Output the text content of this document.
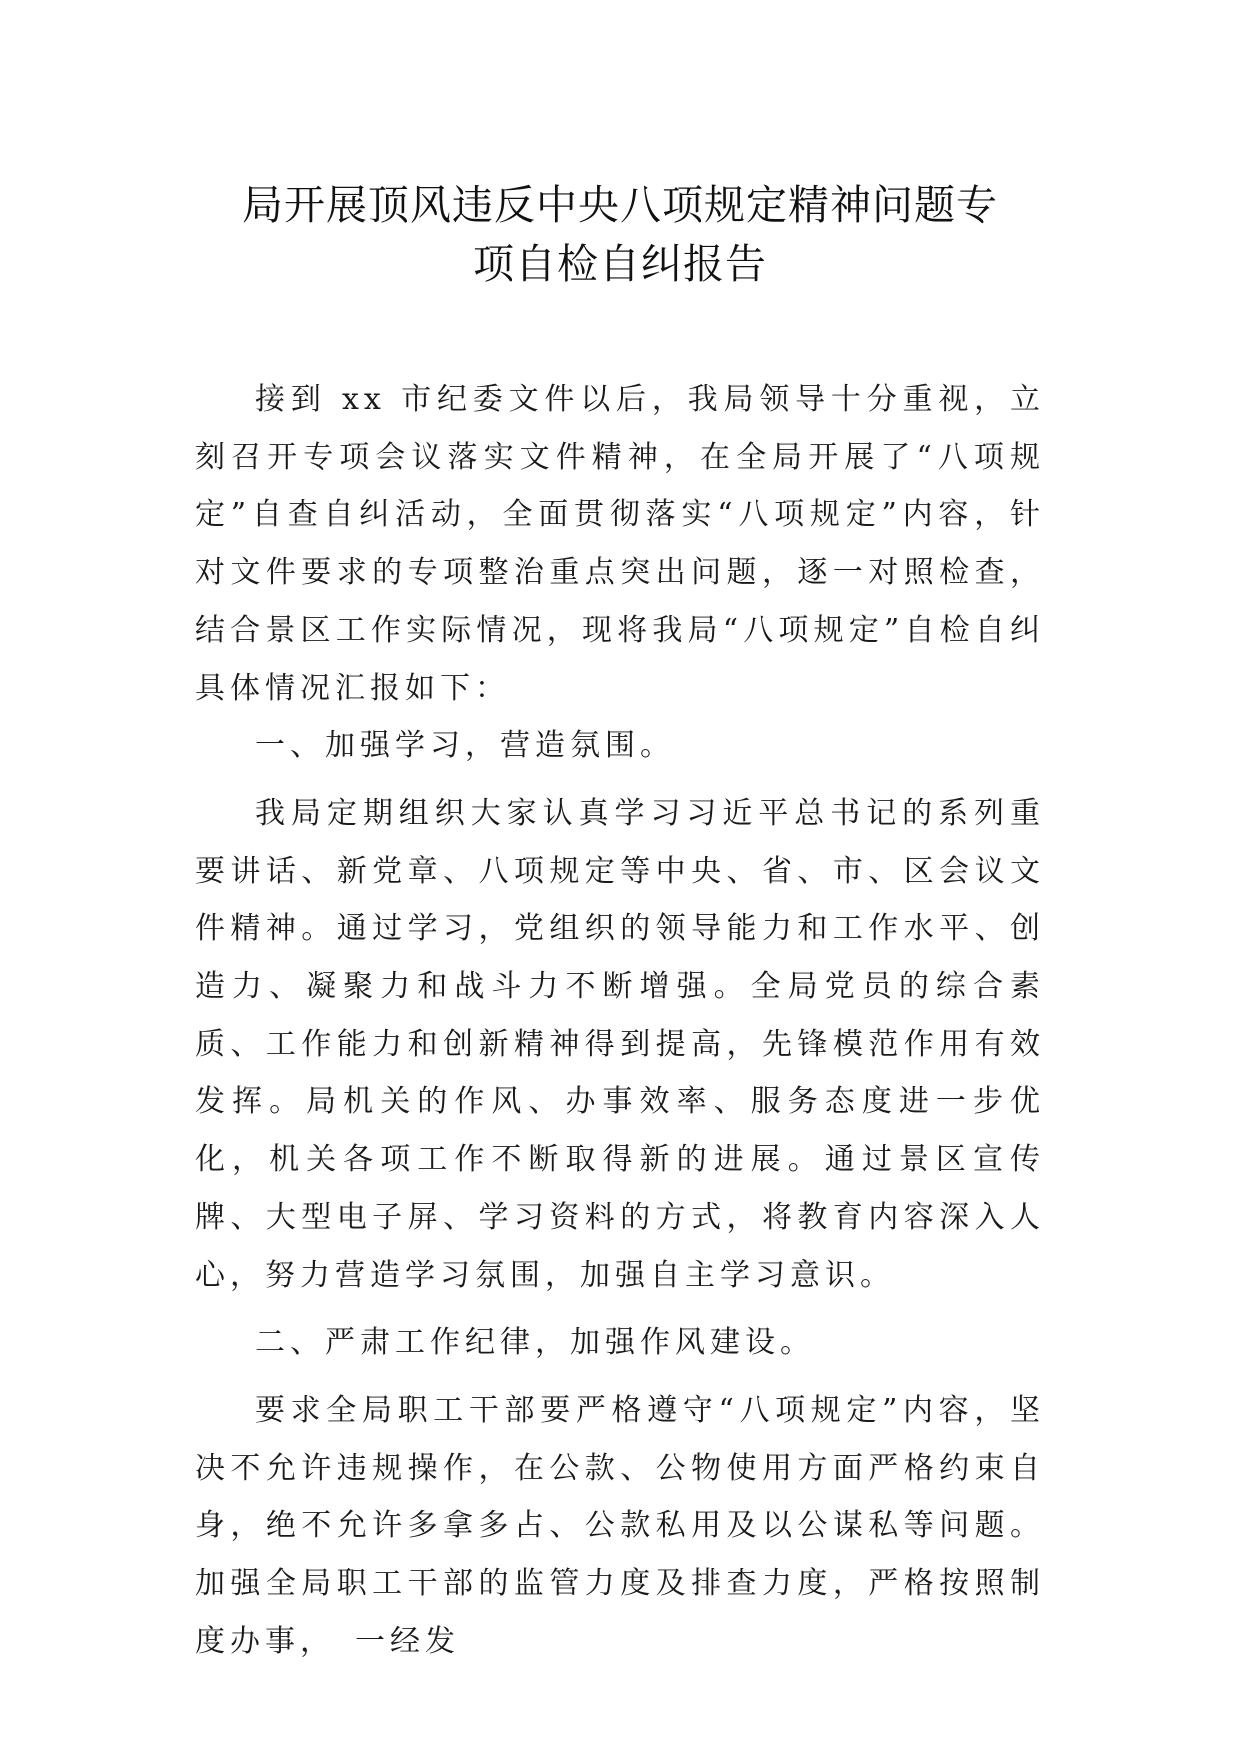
局开展顶风违反中央八项规定精神问题专
项自检自纠报告

接到 xx 市纪委文件以后，我局领导十分重视，立刻召开专项会议落实文件精神，在全局开展了“八项规定”自查自纠活动，全面贯彻落实“八项规定”内容，针对文件要求的专项整治重点突出问题，逐一对照检查，结合景区工作实际情况，现将我局“八项规定”自检自纠具体情况汇报如下：

一、加强学习，营造氛围。

我局定期组织大家认真学习习近平总书记的系列重要讲话、新党章、八项规定等中央、省、市、区会议文件精神。通过学习，党组织的领导能力和工作水平、创造力、凝聚力和战斗力不断增强。全局党员的综合素质、工作能力和创新精神得到提高，先锋模范作用有效发挥。局机关的作风、办事效率、服务态度进一步优化，机关各项工作不断取得新的进展。通过景区宣传牌、大型电子屏、学习资料的方式，将教育内容深入人心，努力营造学习氛围，加强自主学习意识。

二、严肃工作纪律，加强作风建设。

要求全局职工干部要严格遵守“八项规定”内容，坚决不允许违规操作，在公款、公物使用方面严格约束自身，绝不允许多拿多占、公款私用及以公谋私等问题。加强全局职工干部的监管力度及排查力度，严格按照制度办事，　一经发
